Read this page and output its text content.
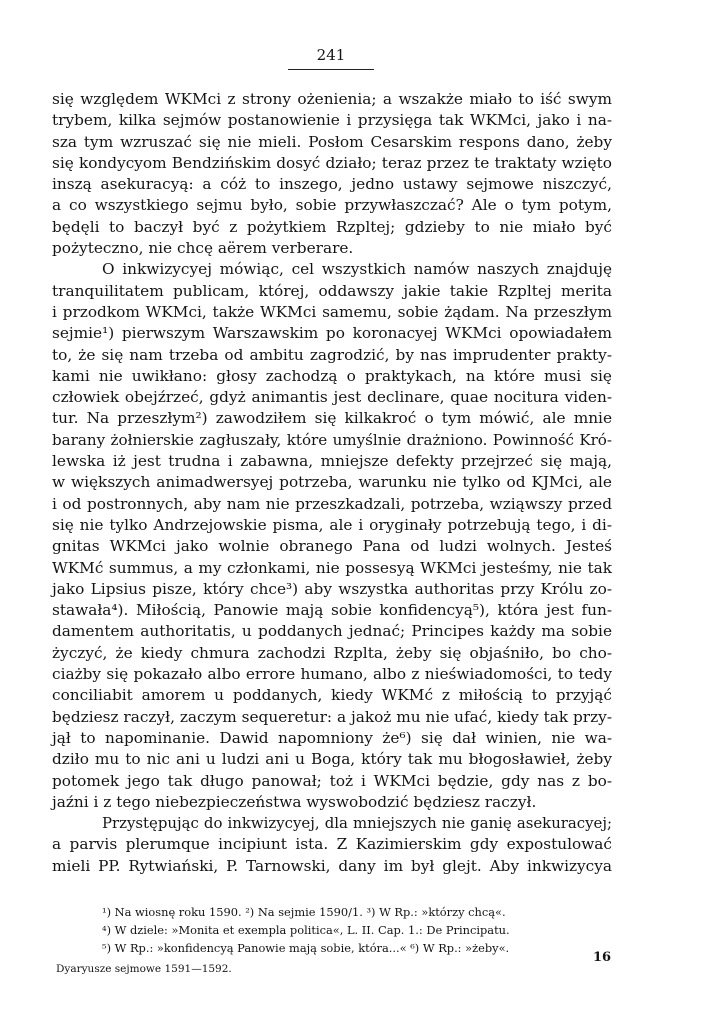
241
się względem WKMci z strony ożenienia; a wszakże miało to iść swym
trybem, kilka sejmów postanowienie i przysięga tak WKMci, jako i na-
sza tym wzruszać się nie mieli. Posłom Cesarskim respons dano, żeby
się kondycyom Bendzińskim dosyć działo; teraz przez te traktaty wzięto
inszą asekuracyą: a cóż to inszego, jedno ustawy sejmowe niszczyć,
a co wszystkiego sejmu było, sobie przywłaszczać? Ale o tym potym,
będęli to baczył być z pożytkiem Rzpltej; gdzieby to nie miało być
pożyteczno, nie chcę aërem verberare.
O inkwizycyej mówiąc, cel wszystkich namów naszych znajduję
tranquilitatem publicam, której, oddawszy jakie takie Rzpltej merita
i przodkom WKMci, także WKMci samemu, sobie żądam. Na przeszłym
sejmie¹) pierwszym Warszawskim po koronacyej WKMci opowiadałem
to, że się nam trzeba od ambitu zagrodzić, by nas imprudenter prakty-
kami nie uwikłano: głosy zachodzą o praktykach, na które musi się
człowiek obejźrzeć, gdyż animantis jest declinare, quae nocitura viden-
tur. Na przeszłym²) zawodziłem się kilkakroć o tym mówić, ale mnie
barany żołnierskie zagłuszały, które umyślnie drażniono. Powinność Kró-
lewska iż jest trudna i zabawna, mniejsze defekty przejrzeć się mają,
w większych animadwersyej potrzeba, warunku nie tylko od KJMci, ale
i od postronnych, aby nam nie przeszkadzali, potrzeba, wziąwszy przed
się nie tylko Andrzejowskie pisma, ale i oryginały potrzebują tego, i di-
gnitas WKMci jako wolnie obranego Pana od ludzi wolnych. Jesteś
WKMć summus, a my członkami, nie possesyą WKMci jesteśmy, nie tak
jako Lipsius pisze, który chce³) aby wszystka authoritas przy Królu zo-
stawała⁴). Miłością, Panowie mają sobie konfidencyą⁵), która jest fun-
damentem authoritatis, u poddanych jednać; Principes każdy ma sobie
życzyć, że kiedy chmura zachodzi Rzplta, żeby się objaśniło, bo cho-
ciażby się pokazało albo errore humano, albo z nieświadomości, to tedy
conciliabit amorem u poddanych, kiedy WKMć z miłością to przyjąć
będziesz raczył, zaczym sequeretur: a jakoż mu nie ufać, kiedy tak przy-
jął to napominanie. Dawid napomniony że⁶) się dał winien, nie wa-
dziło mu to nic ani u ludzi ani u Boga, który tak mu błogosławieł, żeby
potomek jego tak długo panował; toż i WKMci będzie, gdy nas z bo-
jaźni i z tego niebezpieczeństwa wyswobodzić będziesz raczył.
Przystępując do inkwizycyej, dla mniejszych nie ganię asekuracyej;
a parvis plerumque incipiunt ista. Z Kazimierskim gdy expostulować
mieli PP. Rytwiański, P. Tarnowski, dany im był glejt. Aby inkwizycya
¹) Na wiosnę roku 1590. ²) Na sejmie 1590/1. ³) W Rp.: »którzy chcą«.
⁴) W dziele: »Monita et exempla politica«, L. II. Cap. 1.: De Principatu.
⁵) W Rp.: »konfidencyą Panowie mają sobie, która...« ⁶) W Rp.: »żeby«.
Dyaryusze sejmowe 1591—1592.
16
